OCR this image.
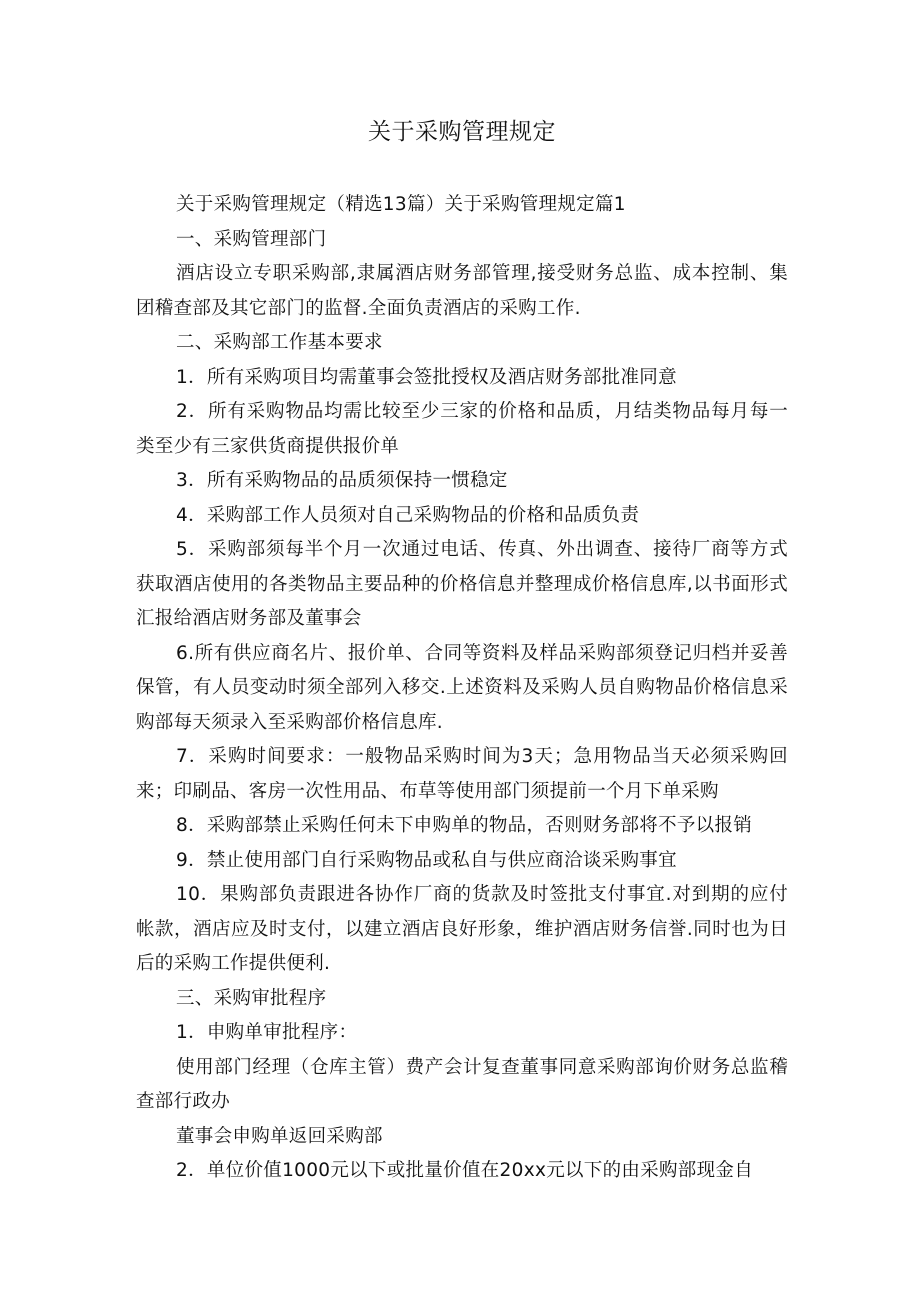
关于采购管理规定

关于采购管理规定（精选13篇）关于采购管理规定篇1

一、采购管理部门

酒店设立专职采购部,隶属酒店财务部管理,接受财务总监、成本控制、集团稽查部及其它部门的监督.全面负责酒店的采购工作.

二、采购部工作基本要求

1．所有采购项目均需董事会签批授权及酒店财务部批准同意

2．所有采购物品均需比较至少三家的价格和品质，月结类物品每月每一类至少有三家供货商提供报价单

3．所有采购物品的品质须保持一惯稳定

4．采购部工作人员须对自己采购物品的价格和品质负责

5．采购部须每半个月一次通过电话、传真、外出调查、接待厂商等方式获取酒店使用的各类物品主要品种的价格信息并整理成价格信息库,以书面形式汇报给酒店财务部及董事会

6.所有供应商名片、报价单、合同等资料及样品采购部须登记归档并妥善保管，有人员变动时须全部列入移交.上述资料及采购人员自购物品价格信息采购部每天须录入至采购部价格信息库.

7．采购时间要求：一般物品采购时间为3天；急用物品当天必须采购回来；印刷品、客房一次性用品、布草等使用部门须提前一个月下单采购

8．采购部禁止采购任何未下申购单的物品，否则财务部将不予以报销

9．禁止使用部门自行采购物品或私自与供应商洽谈采购事宜

10．果购部负责跟进各协作厂商的货款及时签批支付事宜.对到期的应付帐款，酒店应及时支付，以建立酒店良好形象，维护酒店财务信誉.同时也为日后的采购工作提供便利.

三、采购审批程序

1．申购单审批程序：

使用部门经理（仓库主管）费产会计复查董事同意采购部询价财务总监稽查部行政办

董事会申购单返回采购部

2．单位价值1000元以下或批量价值在20xx元以下的由采购部现金自
